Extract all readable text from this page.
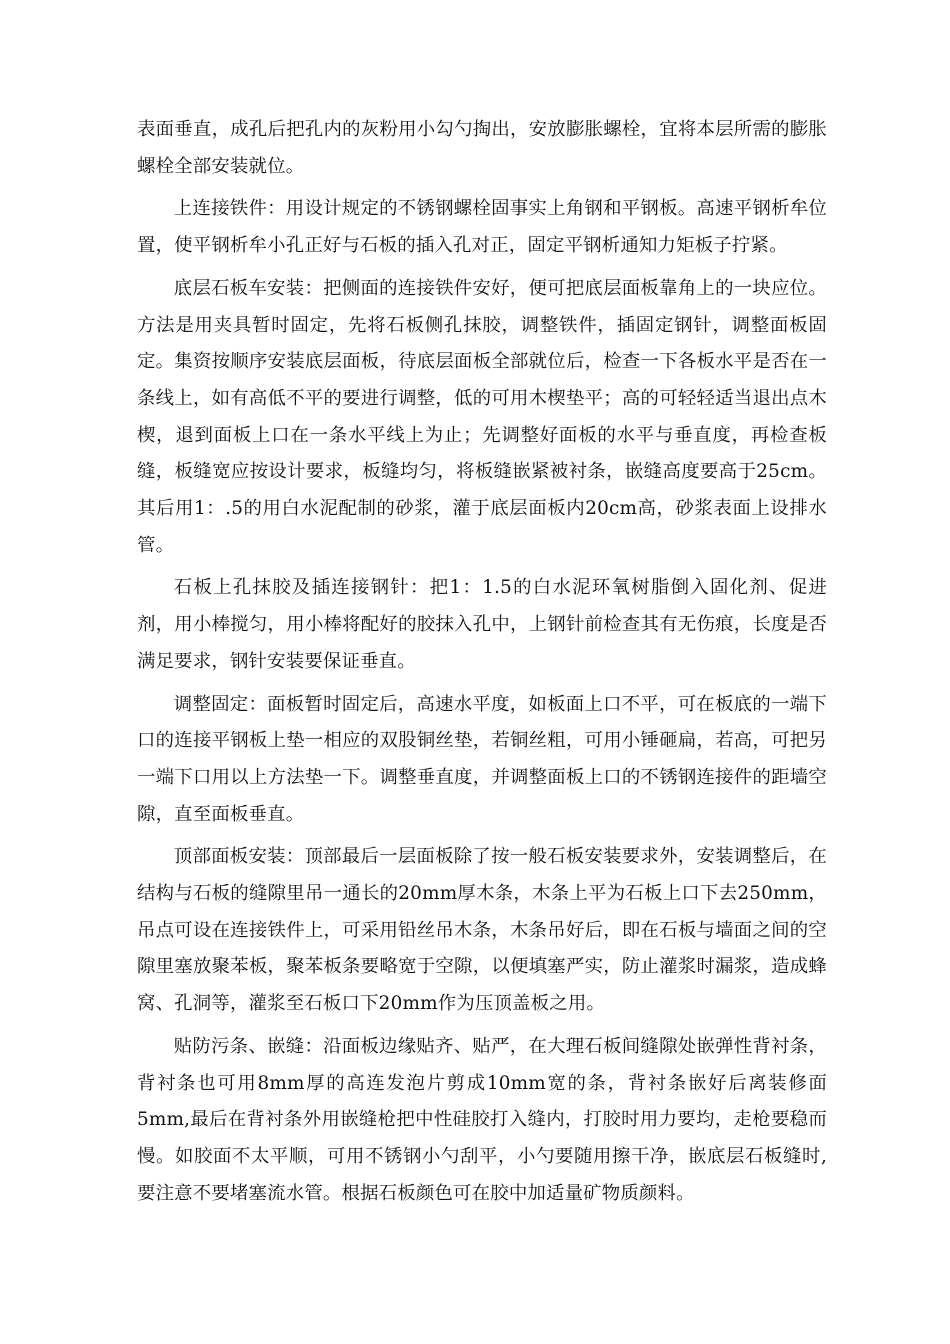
表面垂直，成孔后把孔内的灰粉用小勾勺掏出，安放膨胀螺栓，宜将本层所需的膨胀螺栓全部安装就位。

上连接铁件：用设计规定的不锈钢螺栓固事实上角钢和平钢板。高速平钢析牟位置，使平钢析牟小孔正好与石板的插入孔对正，固定平钢析通知力矩板子拧紧。

底层石板车安装：把侧面的连接铁件安好，便可把底层面板靠角上的一块应位。方法是用夹具暂时固定，先将石板侧孔抹胶，调整铁件，插固定钢针，调整面板固定。集资按顺序安装底层面板，待底层面板全部就位后，检查一下各板水平是否在一条线上，如有高低不平的要进行调整，低的可用木楔垫平；高的可轻轻适当退出点木楔，退到面板上口在一条水平线上为止；先调整好面板的水平与垂直度，再检查板缝，板缝宽应按设计要求，板缝均匀，将板缝嵌紧被衬条，嵌缝高度要高于25cm。其后用1：.5的用白水泥配制的砂浆，灌于底层面板内20cm高，砂浆表面上设排水管。

石板上孔抹胶及插连接钢针：把1：1.5的白水泥环氧树脂倒入固化剂、促进剂，用小棒搅匀，用小棒将配好的胶抹入孔中，上钢针前检查其有无伤痕，长度是否满足要求，钢针安装要保证垂直。

调整固定：面板暂时固定后，高速水平度，如板面上口不平，可在板底的一端下口的连接平钢板上垫一相应的双股铜丝垫，若铜丝粗，可用小锤砸扁，若高，可把另一端下口用以上方法垫一下。调整垂直度，并调整面板上口的不锈钢连接件的距墙空隙，直至面板垂直。

顶部面板安装：顶部最后一层面板除了按一般石板安装要求外，安装调整后，在结构与石板的缝隙里吊一通长的20mm厚木条，木条上平为石板上口下去250mm，吊点可设在连接铁件上，可采用铅丝吊木条，木条吊好后，即在石板与墙面之间的空隙里塞放聚苯板，聚苯板条要略宽于空隙，以便填塞严实，防止灌浆时漏浆，造成蜂窝、孔洞等，灌浆至石板口下20mm作为压顶盖板之用。

贴防污条、嵌缝：沿面板边缘贴齐、贴严，在大理石板间缝隙处嵌弹性背衬条，背衬条也可用8mm厚的高连发泡片剪成10mm宽的条，背衬条嵌好后离装修面5mm,最后在背衬条外用嵌缝枪把中性硅胶打入缝内，打胶时用力要均，走枪要稳而慢。如胶面不太平顺，可用不锈钢小勺刮平，小勺要随用擦干净，嵌底层石板缝时,要注意不要堵塞流水管。根据石板颜色可在胶中加适量矿物质颜料。
